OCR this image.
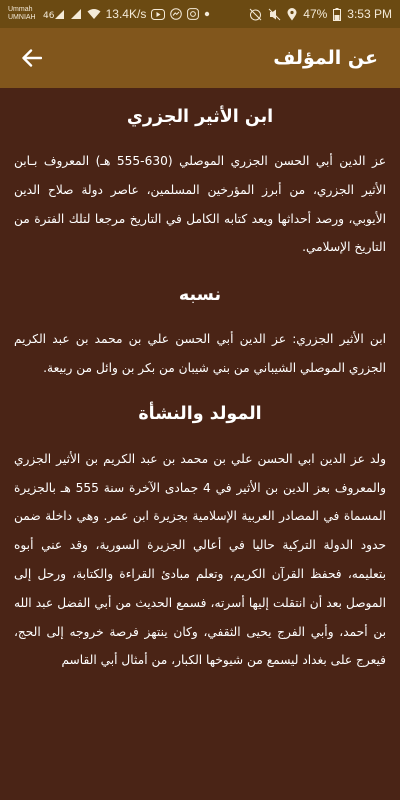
Ummah
UMNIAH 46	13.4K/s	47% 3:53 PM
عن المؤلف
ابن الأثير الجزري

عز الدين أبي الحسن الجزري الموصلي (555-630 هـ) المعروف بـابن الأثير الجزري، من أبرز المؤرخين المسلمين، عاصر دولة صلاح الدين الأيوبي، ورصد أحداثها ويعد كتابه الكامل في التاريخ مرجعا لتلك الفترة من التاريخ الإسلامي.

نسبه

ابن الأثير الجزري: عز الدين أبي الحسن علي بن محمد بن عبد الكريم الجزري الموصلي الشيباني من بني شيبان من بكر بن وائل من ربيعة.

المولد والنشأة

ولد عز الدين ابي الحسن علي بن محمد بن عبد الكريم بن الأثير الجزري والمعروف بعز الدين بن الأثير في 4 جمادى الآخرة سنة 555 هـ بالجزيرة المسماة في المصادر العربية الإسلامية بجزيرة ابن عمر. وهي داخلة ضمن حدود الدولة التركية حاليا في أعالي الجزيرة السورية، وقد عني أبوه بتعليمه، فحفظ القرآن الكريم، وتعلم مبادئ القراءة والكتابة، ورحل إلى الموصل بعد أن انتقلت إليها أسرته، فسمع الحديث من أبي الفضل عبد الله بن أحمد، وأبي الفرج يحيى الثقفي، وكان ينتهز فرصة خروجه إلى الحج، فيعرج على بغداد ليسمع من شيوخها الكبار، من أمثال أبي القاسم
